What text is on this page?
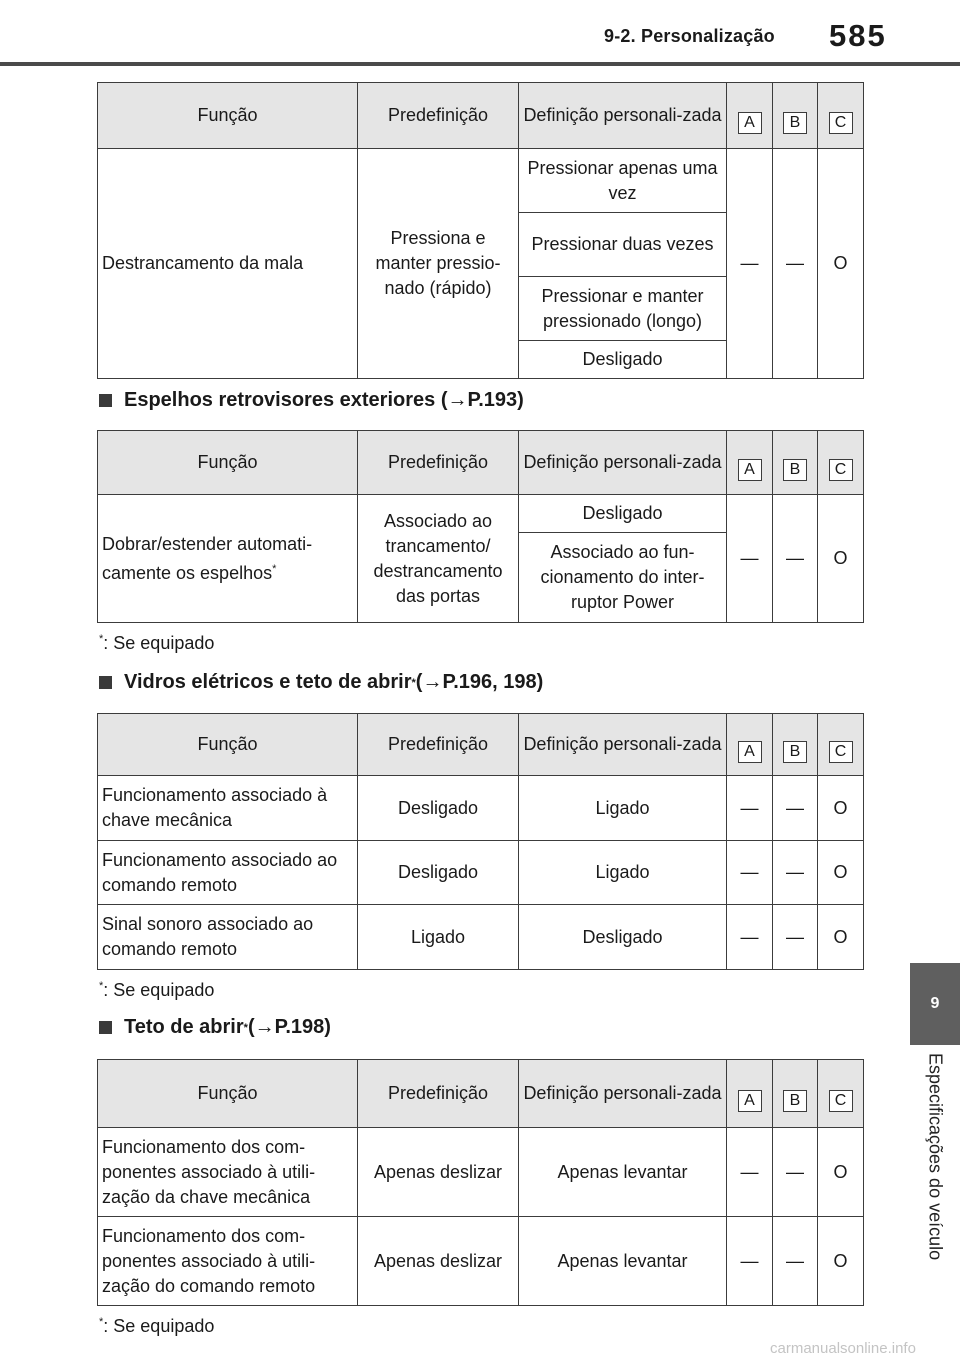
9-2. Personalização 585
9
Especificações do veículo
Função	Predefinição	Definição personali-zada	A	B	C
Destrancamento da mala	Pressiona e manter pressio-nado (rápido)	Pressionar apenas uma vez	—	—	O
		Pressionar duas vezes			
		Pressionar e manter pressionado (longo)			
		Desligado			
Espelhos retrovisores exteriores (→P.193)
Função	Predefinição	Definição personali-zada	A	B	C
Dobrar/estender automati-camente os espelhos*	Associado ao trancamento/ destrancamento das portas	Desligado	—	—	O
		Associado ao fun-cionamento do inter-ruptor Power			
*: Se equipado
Vidros elétricos e teto de abrir * (→P.196, 198)
Função	Predefinição	Definição personali-zada	A	B	C
Funcionamento associado à chave mecânica	Desligado	Ligado	—	—	O
Funcionamento associado ao comando remoto	Desligado	Ligado	—	—	O
Sinal sonoro associado ao comando remoto	Ligado	Desligado	—	—	O
*: Se equipado
Teto de abrir * (→P.198)
Função	Predefinição	Definição personali-zada	A	B	C
Funcionamento dos com-ponentes associado à utili-zação da chave mecânica	Apenas deslizar	Apenas levantar	—	—	O
Funcionamento dos com-ponentes associado à utili-zação do comando remoto	Apenas deslizar	Apenas levantar	—	—	O
*: Se equipado
carmanualsonline.info
